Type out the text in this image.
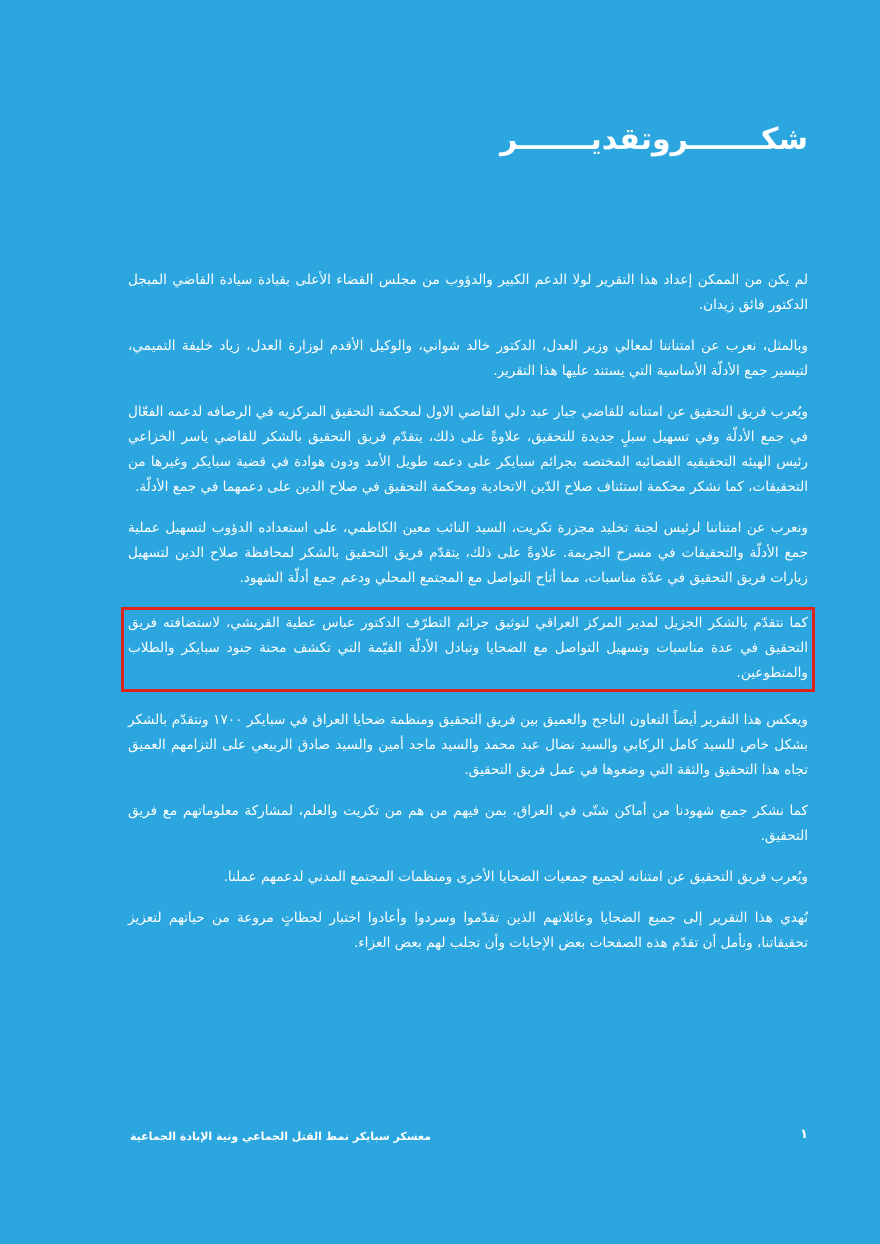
شكـــــــروتقديـــــــر

لم يكن من الممكن إعداد هذا التقرير لولا الدعم الكبير والدؤوب من مجلس القضاء الأعلى بقيادة سيادة القاضي المبجل الدكتور فائق زيدان.

وبالمثل، نعرب عن امتناننا لمعالي وزير العدل، الدكتور خالد شواني، والوكيل الأقدم لوزارة العدل، زياد خليفة التميمي، لتيسير جمع الأدلّة الأساسية التي يستند عليها هذا التقرير.

ويُعرب فريق التحقيق عن امتنانه للقاضي جبار عبد دلي القاضي الاول لمحكمة التحقيق المركزيه في الرصافه لدعمه الفعّال في جمع الأدلّة وفي تسهيل سبلٍ جديدة للتحقيق، علاوةً على ذلك، يتقدّم فريق التحقيق بالشكر للقاضي ياسر الخزاعي رئيس الهيئه التحقيقيه القضائيه المختصه بجرائم سبايكر على دعمه طويل الأمد ودون هوادة في قضية سبايكر وغيرها من التحقيقات، كما نشكر محكمة استئناف صلاح الدّين الاتحادية ومحكمة التحقيق في صلاح الدين على دعمهما في جمع الأدلّة.

ونعرب عن امتناننا لرئيس لجنة تخليد مجزرة تكريت، السيد النائب معين الكاظمي، على استعداده الدؤوب لتسهيل عملية جمع الأدلّة والتحقيقات في مسرح الجريمة. علاوةً على ذلك، يتقدّم فريق التحقيق بالشكر لمحافظة صلاح الدين لتسهيل زيارات فريق التحقيق في عدّة مناسبات، مما أتاح التواصل مع المجتمع المحلي ودعم جمع أدلّة الشهود.

كما نتقدّم بالشكر الجزيل لمدير المركز العراقي لتوثيق جرائم التطرّف الدكتور عباس عطية القريشي، لاستضافته فريق التحقيق في عدة مناسبات وتسهيل التواصل مع الضحايا وتبادل الأدلّة القيّمة التي تكشف محنة جنود سبايكر والطلاب والمتطوعين.

ويعكس هذا التقرير أيضاً التعاون الناجح والعميق بين فريق التحقيق ومنظمة ضحايا العراق في سبايكر ١٧٠٠ ونتقدّم بالشكر بشكل خاص للسيد كامل الركابي والسيد نضال عبد محمد والسيد ماجد أمين والسيد صادق الربيعي على التزامهم العميق تجاه هذا التحقيق والثقة التي وضعوها في عمل فريق التحقيق.

كما نشكر جميع شهودنا من أماكن شتّى في العراق، بمن فيهم من هم من تكريت والعلم، لمشاركة معلوماتهم مع فريق التحقيق.

ويُعرب فريق التحقيق عن امتنانه لجميع جمعيات الضحايا الأخرى ومنظمات المجتمع المدني لدعمهم عملنا.

نُهدي هذا التقرير إلى جميع الضحايا وعائلاتهم الذين تقدّموا وسردوا وأعادوا اختبار لحظاتٍ مروعة من حياتهم لتعزيز تحقيقاتنا، ونأمل أن تقدّم هذه الصفحات بعض الإجابات وأن تجلب لهم بعض العزاء.

معسكر سبايكر نمط القتل الجماعي ونية الإبادة الجماعية	١
